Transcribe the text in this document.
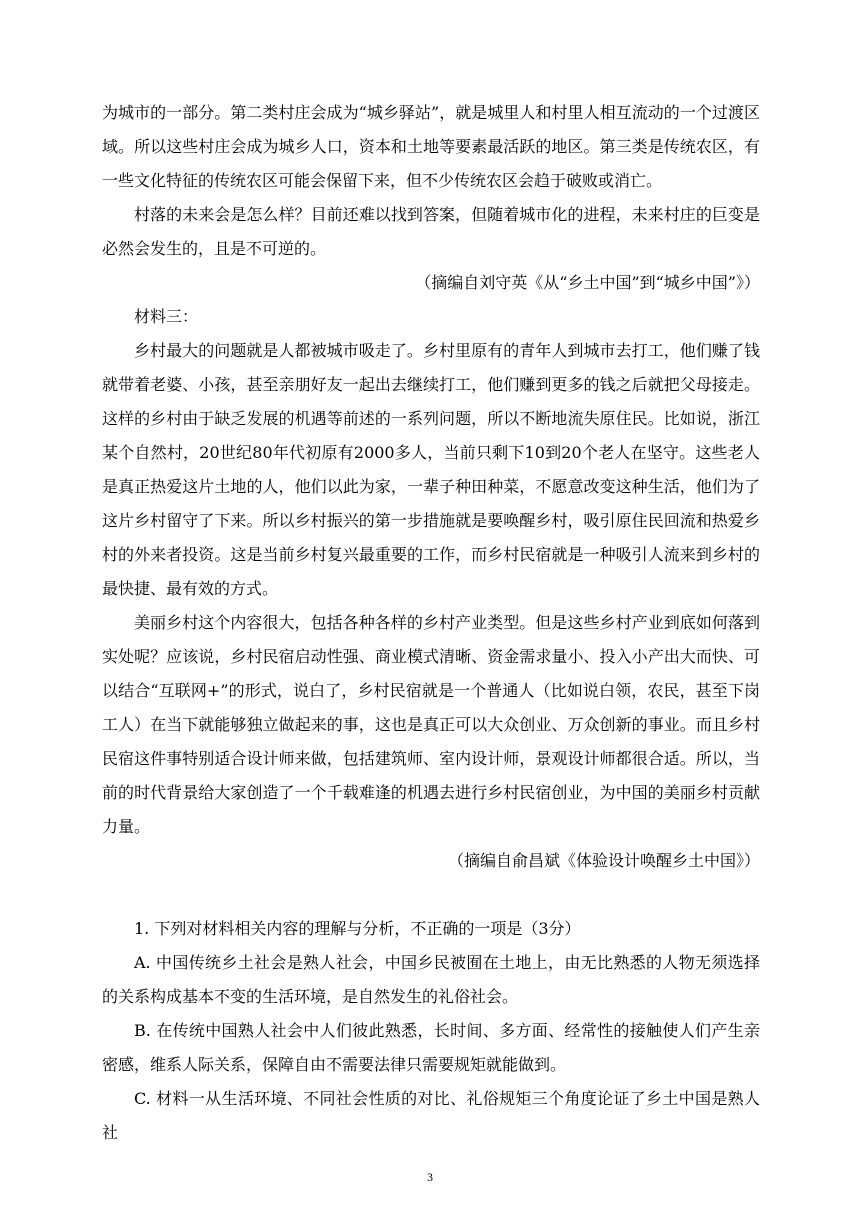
为城市的一部分。第二类村庄会成为“城乡驿站”，就是城里人和村里人相互流动的一个过渡区域。所以这些村庄会成为城乡人口，资本和土地等要素最活跃的地区。第三类是传统农区，有一些文化特征的传统农区可能会保留下来，但不少传统农区会趋于破败或消亡。

村落的未来会是怎么样？目前还难以找到答案，但随着城市化的进程，未来村庄的巨变是必然会发生的，且是不可逆的。

（摘编自刘守英《从“乡土中国”到“城乡中国”》）

材料三：

乡村最大的问题就是人都被城市吸走了。乡村里原有的青年人到城市去打工，他们赚了钱就带着老婆、小孩，甚至亲朋好友一起出去继续打工，他们赚到更多的钱之后就把父母接走。这样的乡村由于缺乏发展的机遇等前述的一系列问题，所以不断地流失原住民。比如说，浙江某个自然村，20世纪80年代初原有2000多人，当前只剩下10到20个老人在坚守。这些老人是真正热爱这片土地的人，他们以此为家，一辈子种田种菜，不愿意改变这种生活，他们为了这片乡村留守了下来。所以乡村振兴的第一步措施就是要唤醒乡村，吸引原住民回流和热爱乡村的外来者投资。这是当前乡村复兴最重要的工作，而乡村民宿就是一种吸引人流来到乡村的最快捷、最有效的方式。

美丽乡村这个内容很大，包括各种各样的乡村产业类型。但是这些乡村产业到底如何落到实处呢？应该说，乡村民宿启动性强、商业模式清晰、资金需求量小、投入小产出大而快、可以结合“互联网+”的形式，说白了，乡村民宿就是一个普通人（比如说白领，农民，甚至下岗工人）在当下就能够独立做起来的事，这也是真正可以大众创业、万众创新的事业。而且乡村民宿这件事特别适合设计师来做，包括建筑师、室内设计师，景观设计师都很合适。所以，当前的时代背景给大家创造了一个千载难逢的机遇去进行乡村民宿创业，为中国的美丽乡村贡献力量。

（摘编自俞昌斌《体验设计唤醒乡土中国》）

1. 下列对材料相关内容的理解与分析，不正确的一项是（3分）

A. 中国传统乡土社会是熟人社会，中国乡民被囿在土地上，由无比熟悉的人物无须选择的关系构成基本不变的生活环境，是自然发生的礼俗社会。

B. 在传统中国熟人社会中人们彼此熟悉，长时间、多方面、经常性的接触使人们产生亲密感，维系人际关系，保障自由不需要法律只需要规矩就能做到。

C. 材料一从生活环境、不同社会性质的对比、礼俗规矩三个角度论证了乡土中国是熟人社

3
